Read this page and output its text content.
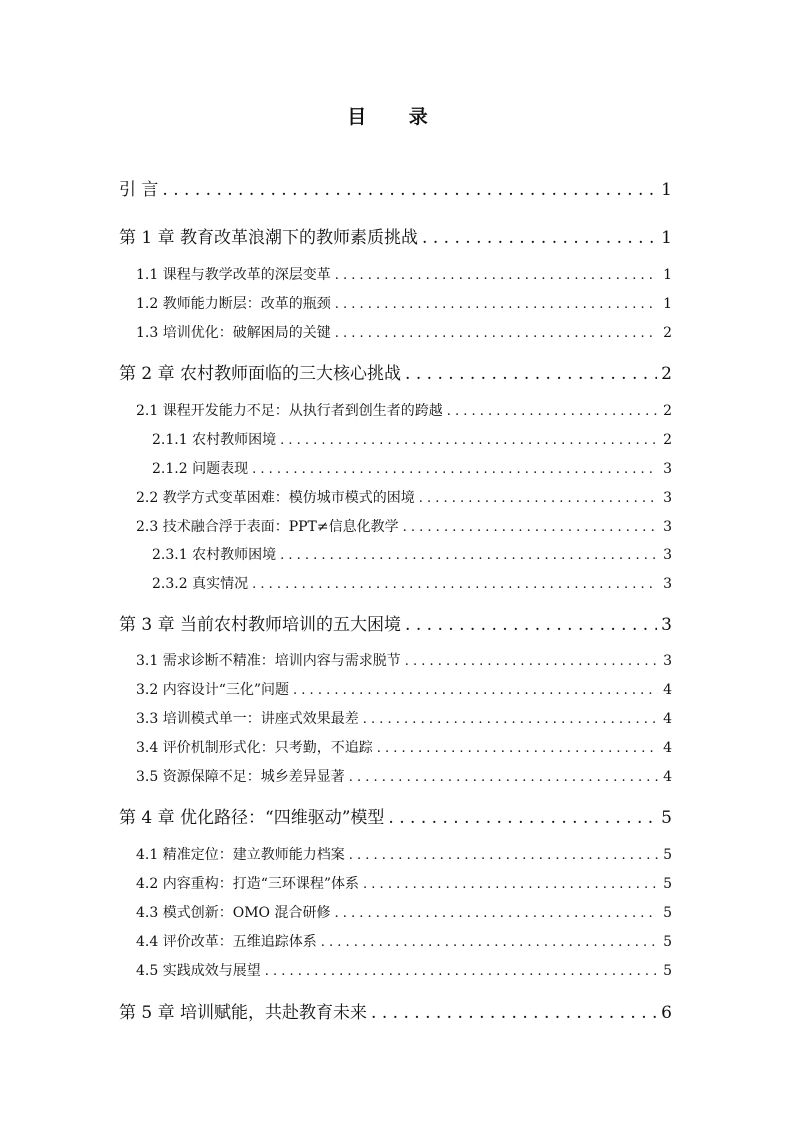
目 录
引 言 . . .	1
第 1 章 教育改革浪潮下的教师素质挑战 . . .	1
1.1 课程与教学改革的深层变革 . . .	1
1.2 教师能力断层：改革的瓶颈 . . .	1
1.3 培训优化：破解困局的关键 . . .	2
第 2 章 农村教师面临的三大核心挑战 . . .	2
2.1 课程开发能力不足：从执行者到创生者的跨越 . . .	2
2.1.1 农村教师困境 . . .	2
2.1.2 问题表现 . . .	3
2.2 教学方式变革困难：模仿城市模式的困境 . . .	3
2.3 技术融合浮于表面：PPT≠信息化教学 . . .	3
2.3.1 农村教师困境 . . .	3
2.3.2 真实情况 . . .	3
第 3 章 当前农村教师培训的五大困境 . . .	3
3.1 需求诊断不精准：培训内容与需求脱节 . . .	3
3.2 内容设计“三化”问题 . . .	4
3.3 培训模式单一：讲座式效果最差 . . .	4
3.4 评价机制形式化：只考勤，不追踪 . . .	4
3.5 资源保障不足：城乡差异显著 . . .	4
第 4 章 优化路径：“四维驱动”模型 . . .	5
4.1 精准定位：建立教师能力档案 . . .	5
4.2 内容重构：打造“三环课程”体系 . . .	5
4.3 模式创新：OMO 混合研修 . . .	5
4.4 评价改革：五维追踪体系 . . .	5
4.5 实践成效与展望 . . .	5
第 5 章 培训赋能，共赴教育未来 . . .	6
